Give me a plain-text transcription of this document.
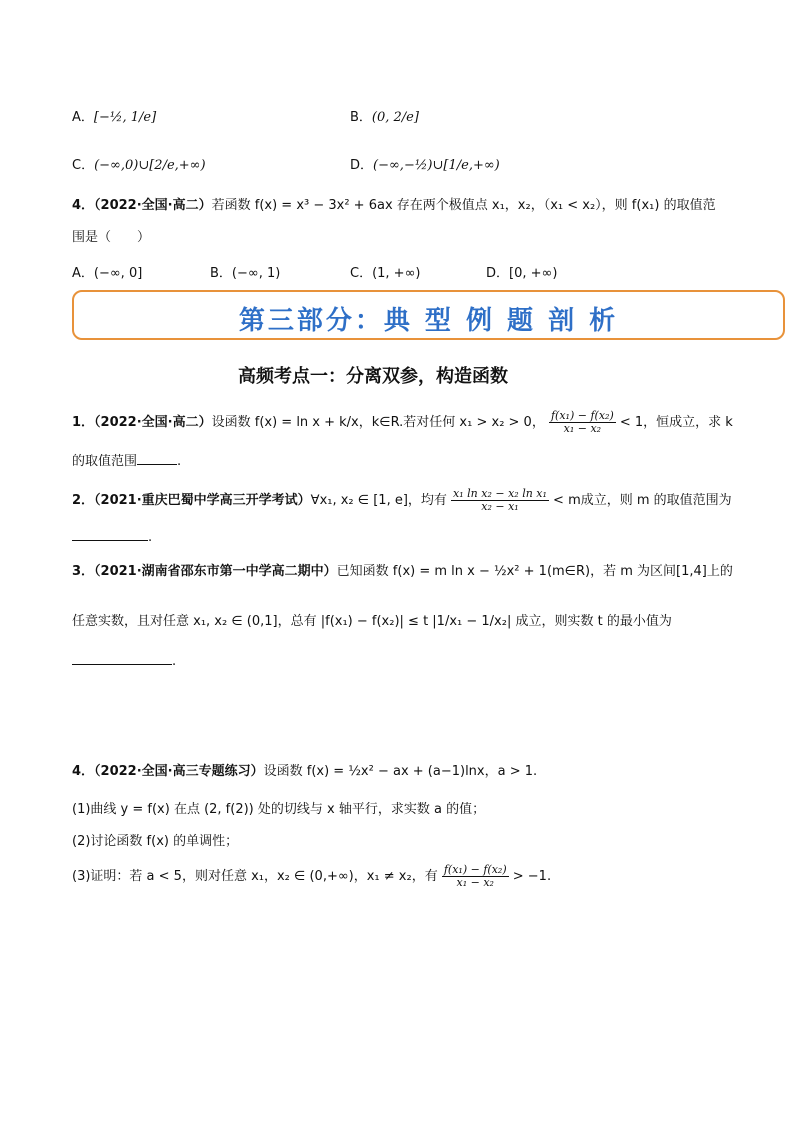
A．[−½, 1/e]	B．(0, 2/e]
C．(−∞,0)∪[2/e,+∞)	D．(−∞,−½)∪[1/e,+∞)
4．（2022·全国·高二）若函数 f(x) = x³ − 3x² + 6ax 存在两个极值点 x₁，x₂，（x₁ < x₂），则 f(x₁) 的取值范
围是（　　）
A．(−∞, 0]	B．(−∞, 1)	C．(1, +∞)	D．[0, +∞)
第三部分：典 型 例 题 剖 析
高频考点一：分离双参，构造函数
1．（2022·全国·高二）设函数 f(x) = ln x + k/x，k∈R.若对任何 x₁ > x₂ > 0， $\frac{\text{f(x₁) − f(x₂)}}{\text{x₁ − x₂}} < 1$，恒成立，求 k
的取值范围	.
2．（2021·重庆巴蜀中学高三开学考试）∀x₁, x₂ ∈ [1, e]，均有 $\frac{\text{x₁ ln x₂ − x₂ ln x₁}}{\text{x₂ − x₁}} < m$成立，则 m 的取值范围为
.
3．（2021·湖南省邵东市第一中学高二期中）已知函数 f(x) = m ln x − ½x² + 1(m∈R)，若 m 为区间[1,4]上的
任意实数，且对任意 x₁, x₂ ∈ (0,1]，总有 |f(x₁) − f(x₂)| ≤ t |1/x₁ − 1/x₂| 成立，则实数 t 的最小值为
.
4．（2022·全国·高三专题练习）设函数 f(x) = ½x² − ax + (a−1)lnx，a > 1.
(1)曲线 y = f(x) 在点 (2, f(2)) 处的切线与 x 轴平行，求实数 a 的值；
(2)讨论函数 f(x) 的单调性；
(3)证明：若 a < 5，则对任意 x₁，x₂ ∈ (0,+∞)，x₁ ≠ x₂，有 $\frac{\text{f(x₁) − f(x₂)}}{\text{x₁ − x₂}} > -1$.
